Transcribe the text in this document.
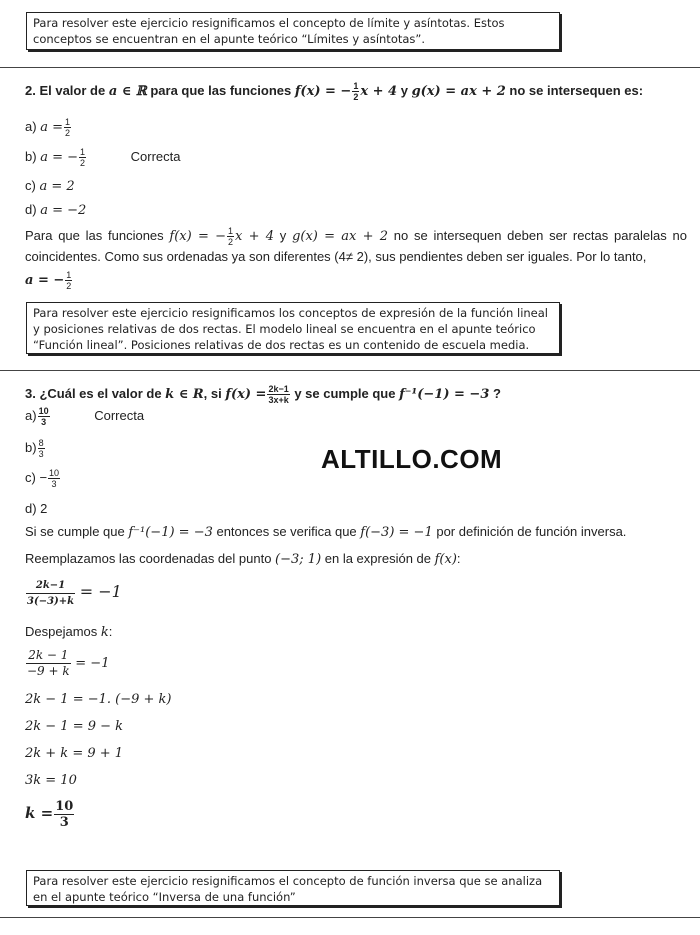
Para resolver este ejercicio resignificamos el concepto de límite y asíntotas. Estos conceptos se encuentran en el apunte teórico “Límites y asíntotas”.
2. El valor de a ∈ ℝ para que las funciones f(x) = − $\frac{1}{2}$ x + 4 y g(x) = ax + 2 no se intersequen es:
a) $a = \frac{1}{2}$
b) a = − $\frac{1}{2}$	Correcta
c) a = 2
d) a = −2
Para que las funciones f(x) = − $\frac{1}{2}$ x + 4 y g(x) = ax + 2 no se intersequen deben ser rectas paralelas no coincidentes. Como sus ordenadas ya son diferentes (4≠ 2), sus pendientes deben ser iguales. Por lo tanto,
a = − $\frac{1}{2}$
Para resolver este ejercicio resignificamos los conceptos de expresión de la función lineal y posiciones relativas de dos rectas. El modelo lineal se encuentra en el apunte teórico “Función lineal”. Posiciones relativas de dos rectas es un contenido de escuela media.
3. ¿Cuál es el valor de k ∈ R, si $f(x) = \frac{2k-1}{3x+k}$ y se cumple que f⁻¹(−1) = −3 ?
$a) \frac{10}{3}$	Correcta
$b) \frac{8}{3}$
$c) - \frac{10}{3}$
d) 2
ALTILLO.COM
Si se cumple que f⁻¹(−1) = −3 entonces se verifica que f(−3) = −1 por definición de función inversa.
Reemplazamos las coordenadas del punto (−3; 1) en la expresión de f(x):
$\frac{2k-1}{3(-3)+k} = -1$
Despejamos k:
$\frac{2k - 1}{-9 + k} = -1$
2k − 1 = −1. (−9 + k)
2k − 1 = 9 − k
2k + k = 9 + 1
3k = 10
$k = \frac{10}{3}$
Para resolver este ejercicio resignificamos el concepto de función inversa que se analiza en el apunte teórico “Inversa de una función”
